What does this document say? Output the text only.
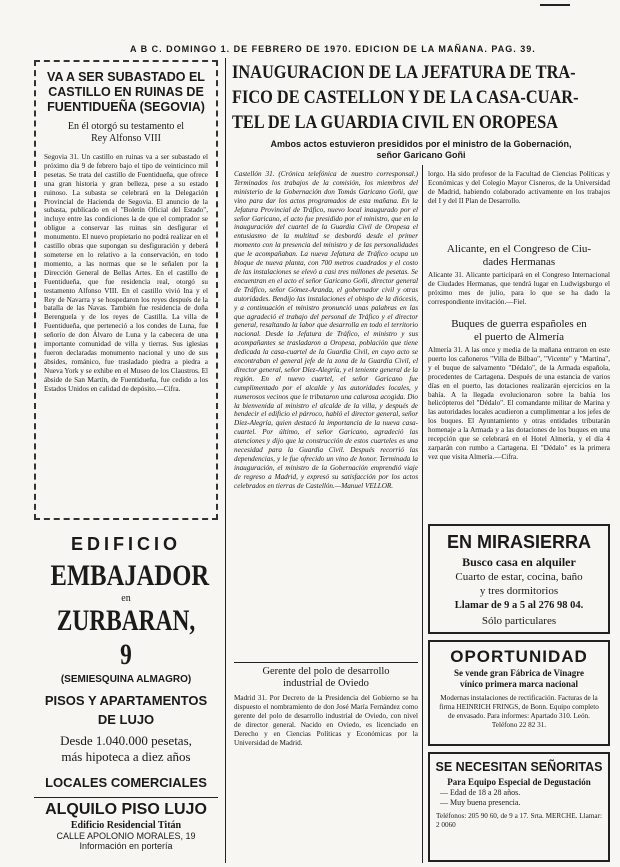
A B C. DOMINGO 1. DE FEBRERO DE 1970. EDICION DE LA MAÑANA. PAG. 39.
VA A SER SUBASTADO EL
CASTILLO EN RUINAS DE
FUENTIDUEÑA (SEGOVIA)
En él otorgó su testamento el
Rey Alfonso VIII
Segovia 31. Un castillo en ruinas va a ser subastado el próximo día 9 de febrero bajo el tipo de veinticinco mil pesetas. Se trata del castillo de Fuentidueña, que ofrece una gran historia y gran belleza, pese a su estado ruinoso. La subasta se celebrará en la Delegación Provincial de Hacienda de Segovia. El anuncio de la subasta, publicado en el "Boletín Oficial del Estado", incluye entre las condiciones la de que el comprador se obligue a conservar las ruinas sin desfigurar el monumento. El nuevo propietario no podrá realizar en el castillo obras que supongan su desfiguración y deberá someterse en lo relativo a la conservación, en todo momento, a las normas que se le señalen por la Dirección General de Bellas Artes. En el castillo de Fuentidueña, que fue residencia real, otorgó su testamento Alfonso VIII. En el castillo vivió Ina y el Rey de Navarra y se hospedaron los reyes después de la batalla de las Navas. También fue residencia de doña Berenguela y de los reyes de Castilla. La villa de Fuentidueña, que perteneció a los condes de Luna, fue señorío de don Álvaro de Luna y la cabecera de una importante comunidad de villa y tierras. Sus iglesias fueron declaradas monumento nacional y uno de sus ábsides, románico, fue trasladado piedra a piedra a Nueva York y se exhibe en el Museo de los Claustros. El ábside de San Martín, de Fuentidueña, fue cedido a los Estados Unidos en calidad de depósito.—Cifra.
EDIFICIO
EMBAJADOR
en
ZURBARAN, 9
(SEMIESQUINA ALMAGRO)
PISOS Y APARTAMENTOS
DE LUJO
Desde 1.040.000 pesetas,
más hipoteca a diez años
LOCALES COMERCIALES
ALQUILO PISO LUJO
Edificio Residencial Titán
CALLE APOLONIO MORALES, 19
Información en portería
INAUGURACION DE LA JEFATURA DE TRA-
FICO DE CASTELLON Y DE LA CASA-CUAR-
TEL DE LA GUARDIA CIVIL EN OROPESA
Ambos actos estuvieron presididos por el ministro de la Gobernación,
señor Garicano Goñi
Castellón 31. (Crónica telefónica de nuestro corresponsal.) Terminados los trabajos de la comisión, los miembros del ministerio de la Gobernación don Tomás Garicano Goñi, que vino para dar los actos programados de esta mañana. En la Jefatura Provincial de Tráfico, nuevo local inaugurado por el señor Garicano, el acto fue presidido por el ministro, que en la inauguración del cuartel de la Guardia Civil de Oropesa el entusiasmo de la multitud se desbordó desde el primer momento con la presencia del ministro y de las personalidades que le acompañaban. La nueva Jefatura de Tráfico ocupa un bloque de nueva planta, con 700 metros cuadrados y el costo de las instalaciones se elevó a casi tres millones de pesetas. Se encuentran en el acto el señor Garicano Goñi, director general de Tráfico, señor Gómez-Aranda, el gobernador civil y otras autoridades. Bendijo las instalaciones el obispo de la diócesis, y a continuación el ministro pronunció unas palabras en las que agradeció el trabajo del personal de Tráfico y el director general, resaltando la labor que desarrolla en todo el territorio nacional. Desde la Jefatura de Tráfico, el ministro y sus acompañantes se trasladaron a Oropesa, población que tiene dedicada la casa-cuartel de la Guardia Civil, en cuyo acto se encontraban el general jefe de la zona de la Guardia Civil, el director general, señor Díez-Alegría, y el teniente general de la región. En el nuevo cuartel, el señor Garicano fue cumplimentado por el alcalde y las autoridades locales, y numerosos vecinos que le tributaron una calurosa acogida. Dio la bienvenida al ministro el alcalde de la villa, y después de bendecir el edificio el párroco, habló el director general, señor Díez-Alegría, quien destacó la importancia de la nueva casa-cuartel. Por último, el señor Garicano, agradeció las atenciones y dijo que la construcción de estos cuarteles es una necesidad para la Guardia Civil. Después recorrió las dependencias, y le fue ofrecido un vino de honor. Terminada la inauguración, el ministro de la Gobernación emprendió viaje de regreso a Madrid, y expresó su satisfacción por los actos celebrados en tierras de Castellón.—Manuel VELLOR.
Gerente del polo de desarrollo
industrial de Oviedo
Madrid 31. Por Decreto de la Presidencia del Gobierno se ha dispuesto el nombramiento de don José María Fernández como gerente del polo de desarrollo industrial de Oviedo, con nivel de director general. Nacido en Oviedo, es licenciado en Derecho y en Ciencias Políticas y Económicas por la Universidad de Madrid.
lorgo. Ha sido profesor de la Facultad de Ciencias Políticas y Económicas y del Colegio Mayor Cisneros, de la Universidad de Madrid, habiendo colaborado activamente en los trabajos del I y del II Plan de Desarrollo.
Alicante, en el Congreso de Ciu-
dades Hermanas
Alicante 31. Alicante participará en el Congreso Internacional de Ciudades Hermanas, que tendrá lugar en Ludwigsburgo el próximo mes de julio, para lo que se ha dado la correspondiente invitación.—Fiel.
Buques de guerra españoles en
el puerto de Almería
Almería 31. A las once y media de la mañana entraron en este puerto los cañoneros "Villa de Bilbao", "Vicente" y "Martina", y el buque de salvamento "Dédalo", de la Armada española, procedentes de Cartagena. Después de una estancia de varios días en el puerto, las dotaciones realizarán ejercicios en la bahía. A la llegada evolucionaron sobre la bahía los helicópteros del "Dédalo". El comandante militar de Marina y las autoridades locales acudieron a cumplimentar a los jefes de los buques. El Ayuntamiento y otras entidades tributarán homenaje a la Armada y a las dotaciones de los buques en una recepción que se celebrará en el Hotel Almería, y el día 4 zarparán con rumbo a Cartagena. El "Dédalo" es la primera vez que visita Almería.—Cifra.
EN MIRASIERRA
Busco casa en alquiler
Cuarto de estar, cocina, baño
y tres dormitorios
Llamar de 9 a 5 al 276 98 04.
Sólo particulares
OPORTUNIDAD
Se vende gran Fábrica de Vinagre
vínico primera marca nacional
Modernas instalaciones de rectificación. Facturas de la firma HEINRICH FRINGS, de Bonn. Equipo completo de envasado. Para informes: Apartado 310. León. Teléfono 22 82 31.
SE NECESITAN SEÑORITAS
Para Equipo Especial de Degustación
— Edad de 18 a 28 años.
— Muy buena presencia.
Teléfonos: 205 90 60, de 9 a 17. Srta. MERCHE. Llamar: 2 0060
